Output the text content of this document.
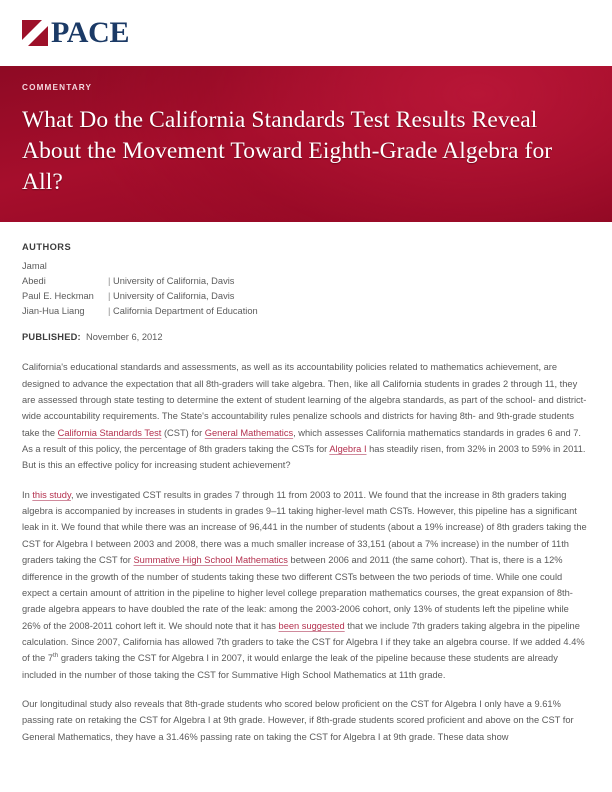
PACE
COMMENTARY
What Do the California Standards Test Results Reveal About the Movement Toward Eighth-Grade Algebra for All?
AUTHORS
Jamal
Abedi	| University of California, Davis
Paul E. Heckman	| University of California, Davis
Jian-Hua Liang	| California Department of Education
PUBLISHED: November 6, 2012

California's educational standards and assessments, as well as its accountability policies related to mathematics achievement, are designed to advance the expectation that all 8th-graders will take algebra. Then, like all California students in grades 2 through 11, they are assessed through state testing to determine the extent of student learning of the algebra standards, as part of the school- and district-wide accountability requirements. The State's accountability rules penalize schools and districts for having 8th- and 9th-grade students take the California Standards Test (CST) for General Mathematics, which assesses California mathematics standards in grades 6 and 7. As a result of this policy, the percentage of 8th graders taking the CSTs for Algebra I has steadily risen, from 32% in 2003 to 59% in 2011. But is this an effective policy for increasing student achievement?

In this study, we investigated CST results in grades 7 through 11 from 2003 to 2011. We found that the increase in 8th graders taking algebra is accompanied by increases in students in grades 9–11 taking higher-level math CSTs. However, this pipeline has a significant leak in it. We found that while there was an increase of 96,441 in the number of students (about a 19% increase) of 8th graders taking the CST for Algebra I between 2003 and 2008, there was a much smaller increase of 33,151 (about a 7% increase) in the number of 11th graders taking the CST for Summative High School Mathematics between 2006 and 2011 (the same cohort). That is, there is a 12% difference in the growth of the number of students taking these two different CSTs between the two periods of time. While one could expect a certain amount of attrition in the pipeline to higher level college preparation mathematics courses, the great expansion of 8th-grade algebra appears to have doubled the rate of the leak: among the 2003-2006 cohort, only 13% of students left the pipeline while 26% of the 2008-2011 cohort left it. We should note that it has been suggested that we include 7th graders taking algebra in the pipeline calculation. Since 2007, California has allowed 7th graders to take the CST for Algebra I if they take an algebra course. If we added 4.4% of the 7th graders taking the CST for Algebra I in 2007, it would enlarge the leak of the pipeline because these students are already included in the number of those taking the CST for Summative High School Mathematics at 11th grade.

Our longitudinal study also reveals that 8th-grade students who scored below proficient on the CST for Algebra I only have a 9.61% passing rate on retaking the CST for Algebra I at 9th grade. However, if 8th-grade students scored proficient and above on the CST for General Mathematics, they have a 31.46% passing rate on taking the CST for Algebra I at 9th grade. These data show
